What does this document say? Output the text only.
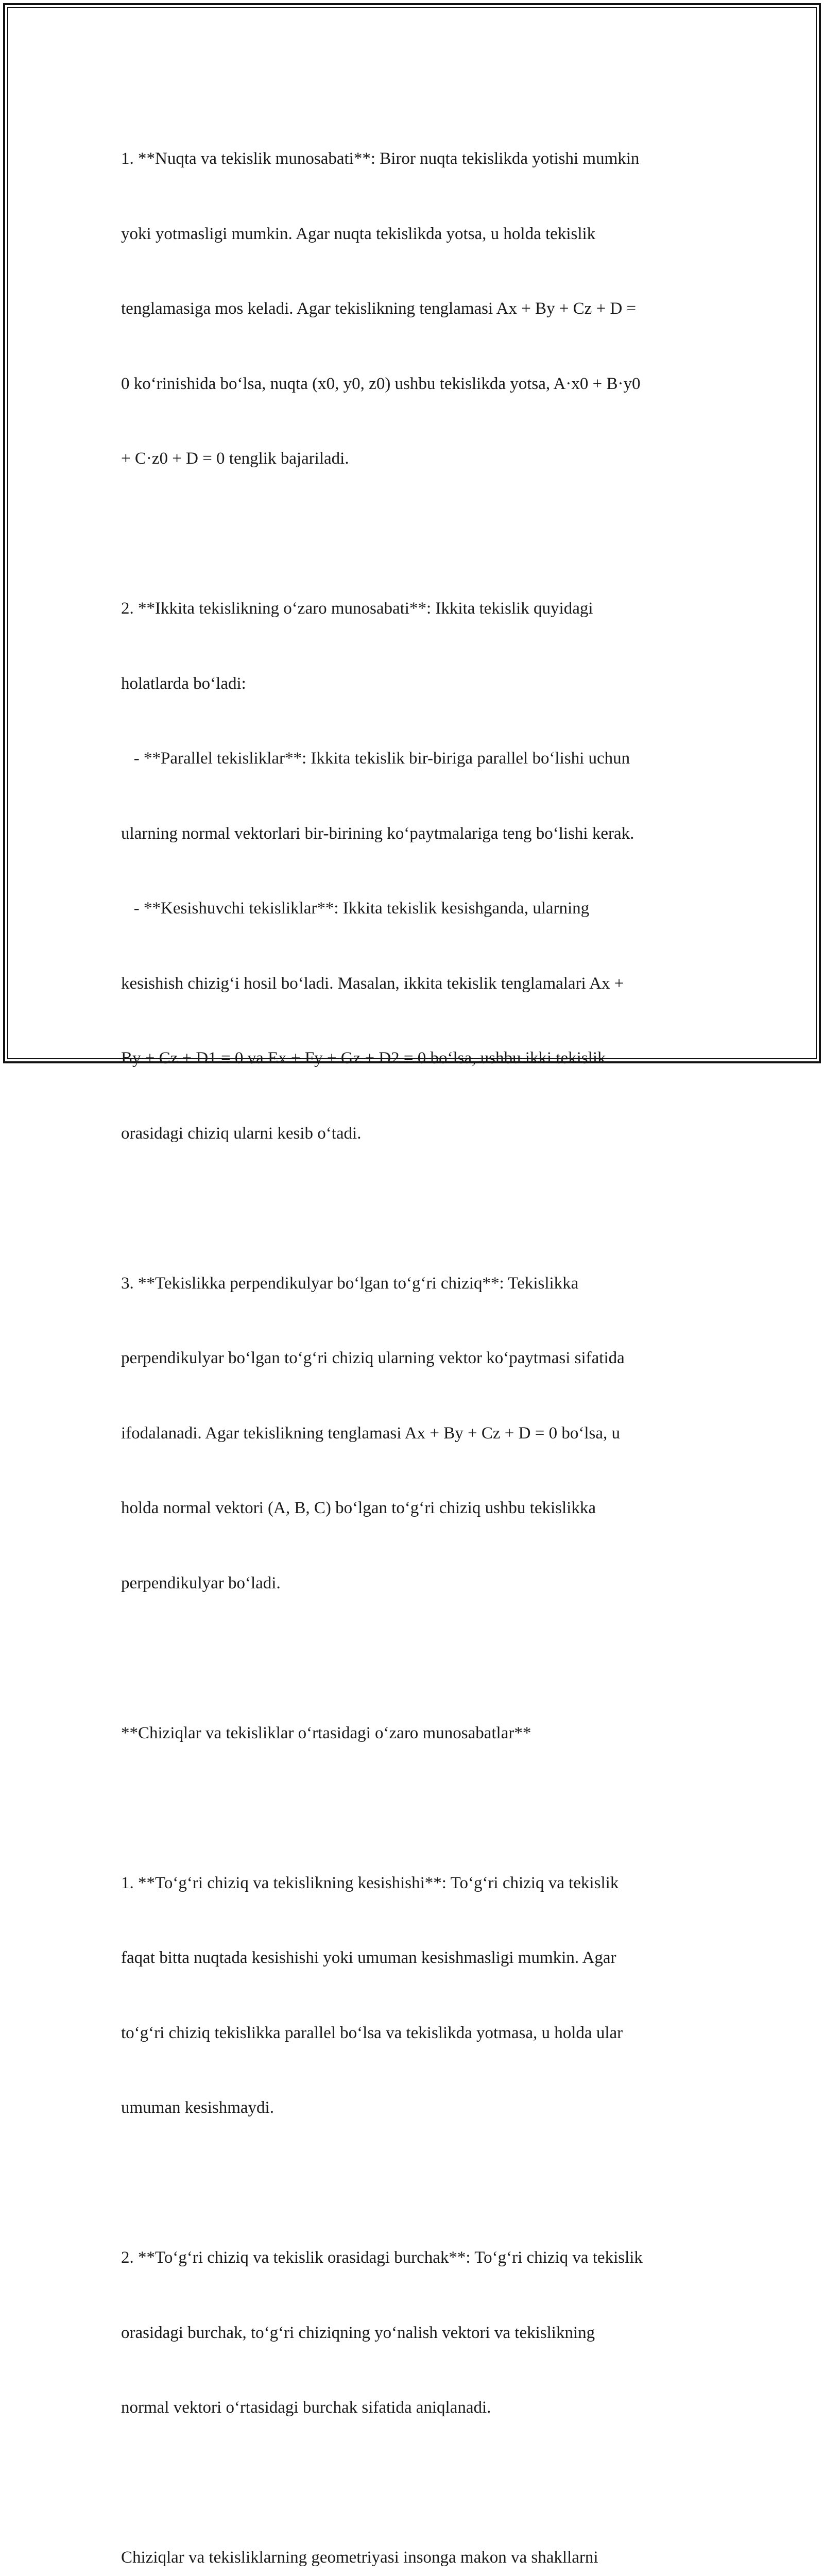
1. **Nuqta va tekislik munosabati**: Biror nuqta tekislikda yotishi mumkin

yoki yotmasligi mumkin. Agar nuqta tekislikda yotsa, u holda tekislik

tenglamasiga mos keladi. Agar tekislikning tenglamasi Ax + By + Cz + D =

0 ko‘rinishida bo‘lsa, nuqta (x0, y0, z0) ushbu tekislikda yotsa, A·x0 + B·y0

+ C·z0 + D = 0 tenglik bajariladi.

2. **Ikkita tekislikning o‘zaro munosabati**: Ikkita tekislik quyidagi

holatlarda bo‘ladi:

- **Parallel tekisliklar**: Ikkita tekislik bir-biriga parallel bo‘lishi uchun

ularning normal vektorlari bir-birining ko‘paytmalariga teng bo‘lishi kerak.

- **Kesishuvchi tekisliklar**: Ikkita tekislik kesishganda, ularning

kesishish chizig‘i hosil bo‘ladi. Masalan, ikkita tekislik tenglamalari Ax +

By + Cz + D1 = 0 va Ex + Fy + Gz + D2 = 0 bo‘lsa, ushbu ikki tekislik

orasidagi chiziq ularni kesib o‘tadi.

3. **Tekislikka perpendikulyar bo‘lgan to‘g‘ri chiziq**: Tekislikka

perpendikulyar bo‘lgan to‘g‘ri chiziq ularning vektor ko‘paytmasi sifatida

ifodalanadi. Agar tekislikning tenglamasi Ax + By + Cz + D = 0 bo‘lsa, u

holda normal vektori (A, B, C) bo‘lgan to‘g‘ri chiziq ushbu tekislikka

perpendikulyar bo‘ladi.

**Chiziqlar va tekisliklar o‘rtasidagi o‘zaro munosabatlar**

1. **To‘g‘ri chiziq va tekislikning kesishishi**: To‘g‘ri chiziq va tekislik

faqat bitta nuqtada kesishishi yoki umuman kesishmasligi mumkin. Agar

to‘g‘ri chiziq tekislikka parallel bo‘lsa va tekislikda yotmasa, u holda ular

umuman kesishmaydi.

2. **To‘g‘ri chiziq va tekislik orasidagi burchak**: To‘g‘ri chiziq va tekislik

orasidagi burchak, to‘g‘ri chiziqning yo‘nalish vektori va tekislikning

normal vektori o‘rtasidagi burchak sifatida aniqlanadi.

Chiziqlar va tekisliklarning geometriyasi insonga makon va shakllarni
